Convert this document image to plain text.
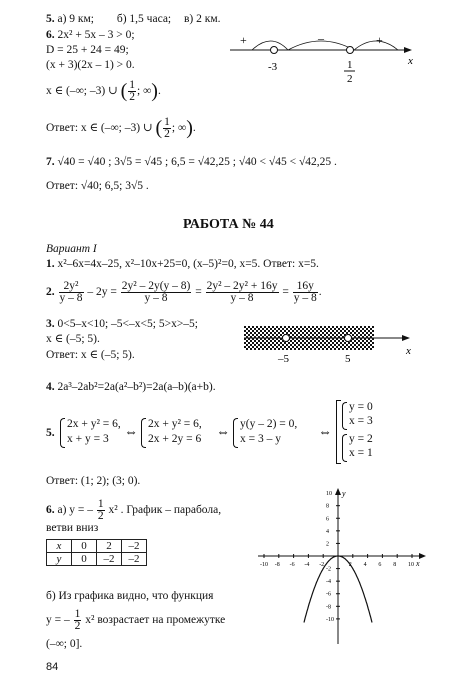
5. а) 9 км; б) 1,5 часа; в) 2 км.
6. 2x² + 5x – 3 > 0;
D = 25 + 24 = 49;
(x + 3)(2x – 1) > 0.
x ∈ (–∞; –3) ∪ ( $\frac{1}{2}$ ; ∞).
Ответ: x ∈ (–∞; –3) ∪ ( $\frac{1}{2}$ ; ∞).
+	–	+
-3	1
2
x
7. √40 = √40 ; 3√5 = √45 ; 6,5 = √42,25 ; √40 < √45 < √42,25 .
Ответ: √40; 6,5; 3√5 .
РАБОТА № 44
Вариант I
1. x²–6x=4x–25, x²–10x+25=0, (x–5)²=0, x=5. Ответ: x=5.
2. $\frac{\text{2y²}}{y - 8} - 2y = \frac{\text{2y² – 2y(y – 8)}}{y - 8} = \frac{\text{2y² – 2y² + 16y}}{y - 8} = \frac{16y}{y - 8}$ .
3. 0<5–x<10; –5<–x<5; 5>x>–5;
x ∈ (–5; 5).
Ответ: x ∈ (–5; 5).	–5	5
x
4. 2a³–2ab²=2a(a²–b²)=2a(a–b)(a+b).
5.
2x + y² = 6,
x + y = 3 ⇔
2x + y² = 6,
2x + 2y = 6 ⇔
y(y – 2) = 0,
x = 3 – y	⇔
y = 0
x = 3
y = 2
x = 1
Ответ: (1; 2); (3; 0).
6. а) y = – $\frac{1}{2} x^2$ . График – парабола,
ветви вниз
x	0	2	–2
y	0	–2	–2
б) Из графика видно, что функция
y = – $\frac{1}{2} x^2$ возрастает на промежутке
(–∞; 0].
-10 -8 -6 -4 -2	2 4 6 8 10
10
8
6
4
2
-2
-4
-6
-8
-10
x
y
84
